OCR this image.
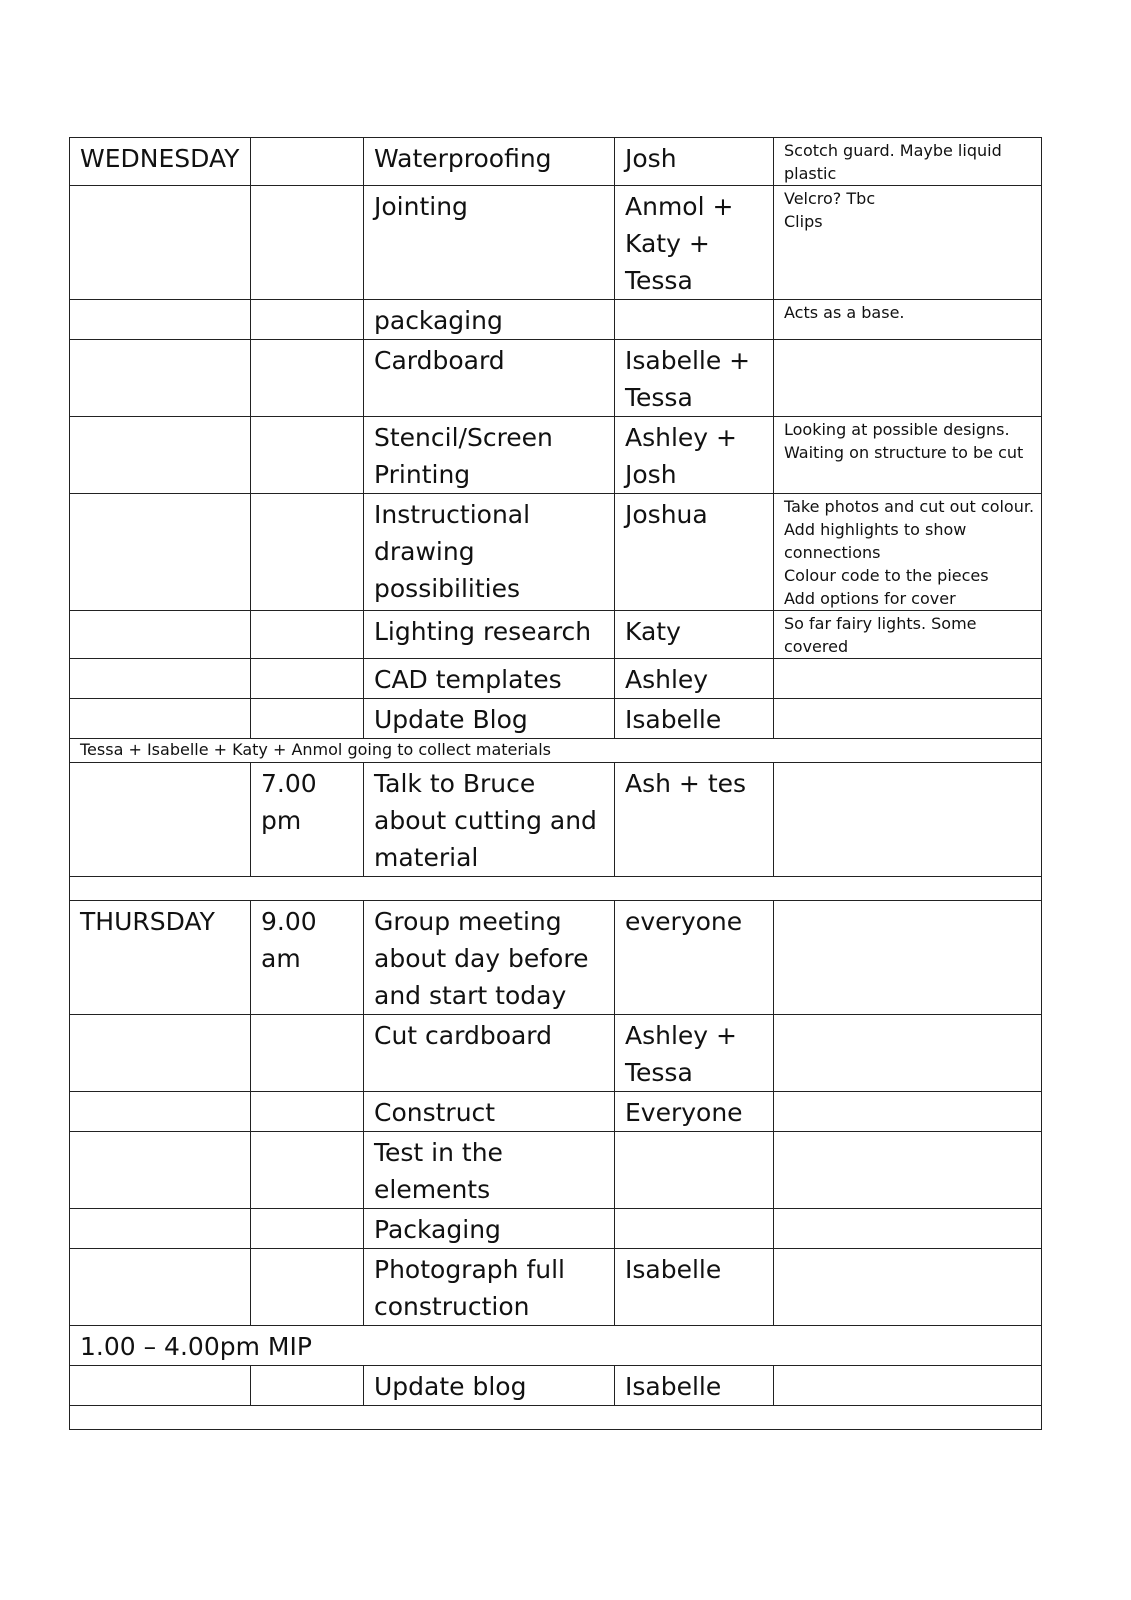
WEDNESDAY		Waterproofing	Josh	Scotch guard. Maybe liquid
plastic
		Jointing	Anmol +
Katy +
Tessa	Velcro? Tbc
Clips
		packaging		Acts as a base.
		Cardboard	Isabelle +
Tessa	
		Stencil/Screen
Printing	Ashley +
Josh	Looking at possible designs.
Waiting on structure to be cut
		Instructional
drawing
possibilities	Joshua	Take photos and cut out colour.
Add highlights to show
connections
Colour code to the pieces
Add options for cover
		Lighting research	Katy	So far fairy lights. Some
covered
		CAD templates	Ashley	
		Update Blog	Isabelle	
Tessa + Isabelle + Katy + Anmol going to collect materials				
	7.00
pm	Talk to Bruce
about cutting and
material	Ash + tes	

THURSDAY	9.00
am	Group meeting
about day before
and start today	everyone	
		Cut cardboard	Ashley +
Tessa	
		Construct	Everyone	
		Test in the
elements		
		Packaging		
		Photograph full
construction	Isabelle	
1.00 – 4.00pm MIP				
		Update blog	Isabelle	
